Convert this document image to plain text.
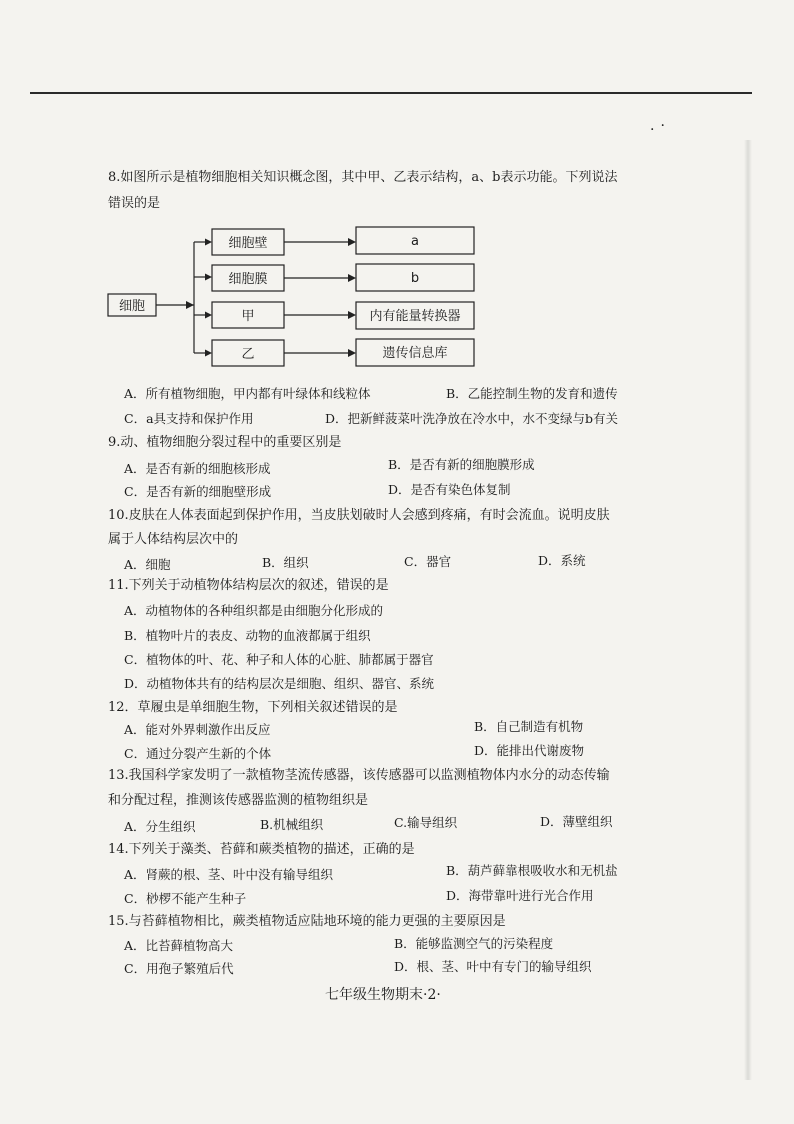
.·
8.如图所示是植物细胞相关知识概念图，其中甲、乙表示结构，a、b表示功能。下列说法
错误的是
细胞
细胞壁
细胞膜
甲
乙
a
b
内有能量转换器
遗传信息库
A．所有植物细胞，甲内都有叶绿体和线粒体	B．乙能控制生物的发育和遗传
C．a具支持和保护作用	D．把新鲜菠菜叶洗净放在冷水中，水不变绿与b有关
9.动、植物细胞分裂过程中的重要区别是
A．是否有新的细胞核形成	B．是否有新的细胞膜形成
C．是否有新的细胞壁形成	D．是否有染色体复制
10.皮肤在人体表面起到保护作用，当皮肤划破时人会感到疼痛，有时会流血。说明皮肤
属于人体结构层次中的
A．细胞	B．组织	C．器官	D．系统
11.下列关于动植物体结构层次的叙述，错误的是
A．动植物体的各种组织都是由细胞分化形成的
B．植物叶片的表皮、动物的血液都属于组织
C．植物体的叶、花、种子和人体的心脏、肺都属于器官
D．动植物体共有的结构层次是细胞、组织、器官、系统
12．草履虫是单细胞生物，下列相关叙述错误的是
A．能对外界刺激作出反应	B．自己制造有机物
C．通过分裂产生新的个体	D．能排出代谢废物
13.我国科学家发明了一款植物茎流传感器，该传感器可以监测植物体内水分的动态传输
和分配过程，推测该传感器监测的植物组织是
A．分生组织	B.机械组织	C.输导组织	D．薄壁组织
14.下列关于藻类、苔藓和蕨类植物的描述，正确的是
A．肾蕨的根、茎、叶中没有输导组织	B．葫芦藓靠根吸收水和无机盐
C．桫椤不能产生种子	D．海带靠叶进行光合作用
15.与苔藓植物相比，蕨类植物适应陆地环境的能力更强的主要原因是
A．比苔藓植物高大	B．能够监测空气的污染程度
C．用孢子繁殖后代	D．根、茎、叶中有专门的输导组织
七年级生物期末·2·
